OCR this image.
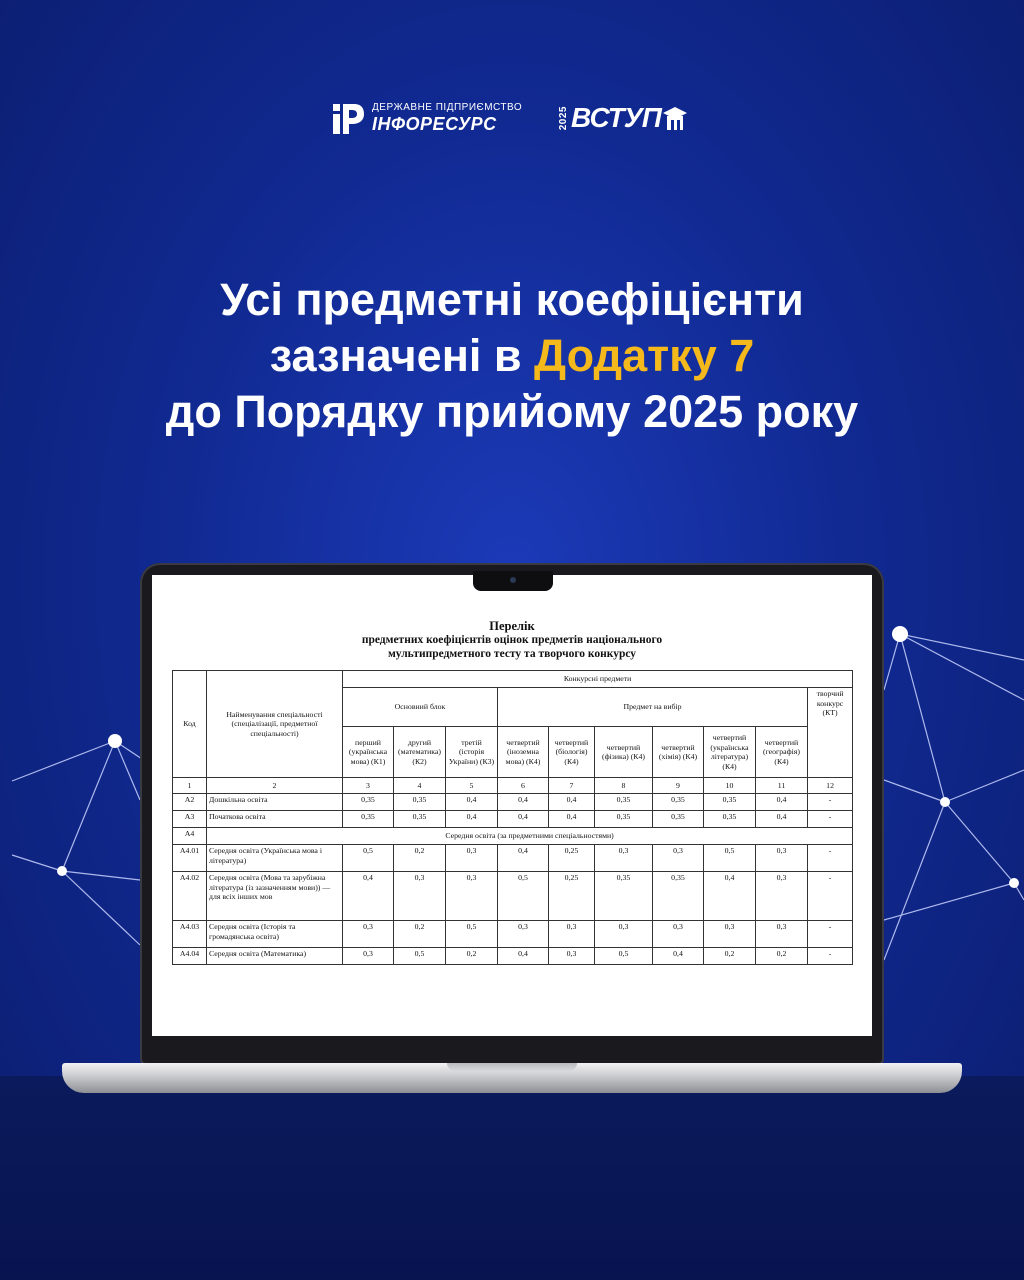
ДЕРЖАВНЕ ПІДПРИЄМСТВО
ІНФОРЕСУРС	2025 ВСТУП
Усі предметні коефіцієнти
зазначені в Додатку 7
до Порядку прийому 2025 року
Перелік
предметних коефіцієнтів оцінок предметів національного
мультипредметного тесту та творчого конкурсу
Код	Найменування спеціальності (спеціалізації, предметної спеціальності)	Конкурсні предмети									
		Основний блок			Предмет на вибір						творчий конкурс (КТ)
		перший (українська мова) (К1)	другий (математика) (К2)	третій (історія України) (К3)	четвертий (іноземна мова) (К4)	четвертий (біологія) (К4)	четвертий (фізика) (К4)	четвертий (хімія) (К4)	четвертий (українська література) (К4)	четвертий (географія) (К4)	
1	2	3	4	5	6	7	8	9	10	11	12
А2	Дошкільна освіта	0,35	0,35	0,4	0,4	0,4	0,35	0,35	0,35	0,4	-
А3	Початкова освіта	0,35	0,35	0,4	0,4	0,4	0,35	0,35	0,35	0,4	-
А4	Середня освіта (за предметними спеціальностями)										
А4.01	Середня освіта (Українська мова і література)	0,5	0,2	0,3	0,4	0,25	0,3	0,3	0,5	0,3	-
А4.02	Середня освіта (Мова та зарубіжна література (із зазначенням мови)) — для всіх інших мов	0,4	0,3	0,3	0,5	0,25	0,35	0,35	0,4	0,3	-
А4.03	Середня освіта (Історія та громадянська освіта)	0,3	0,2	0,5	0,3	0,3	0,3	0,3	0,3	0,3	-
А4.04	Середня освіта (Математика)	0,3	0,5	0,2	0,4	0,3	0,5	0,4	0,2	0,2	-
